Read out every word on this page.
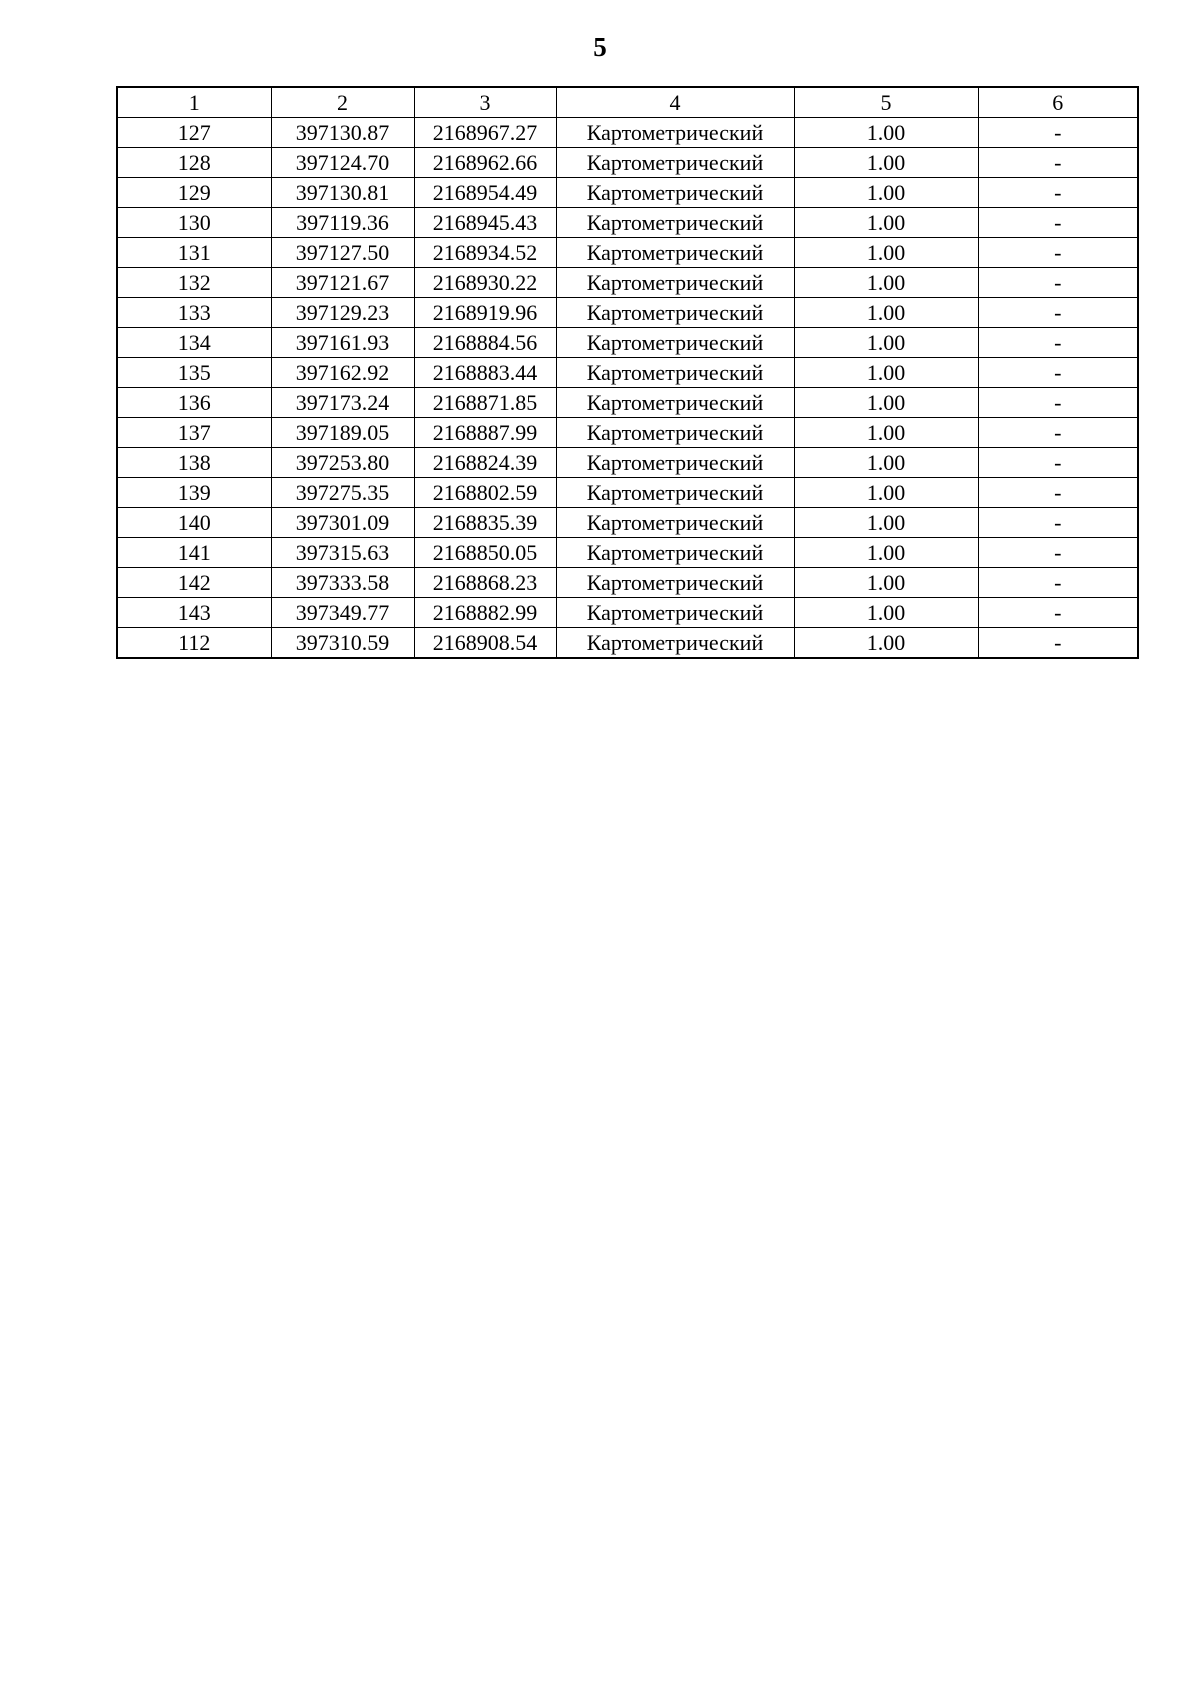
5
1	2	3	4	5	6
127	397130.87	2168967.27	Картометрический	1.00	-
128	397124.70	2168962.66	Картометрический	1.00	-
129	397130.81	2168954.49	Картометрический	1.00	-
130	397119.36	2168945.43	Картометрический	1.00	-
131	397127.50	2168934.52	Картометрический	1.00	-
132	397121.67	2168930.22	Картометрический	1.00	-
133	397129.23	2168919.96	Картометрический	1.00	-
134	397161.93	2168884.56	Картометрический	1.00	-
135	397162.92	2168883.44	Картометрический	1.00	-
136	397173.24	2168871.85	Картометрический	1.00	-
137	397189.05	2168887.99	Картометрический	1.00	-
138	397253.80	2168824.39	Картометрический	1.00	-
139	397275.35	2168802.59	Картометрический	1.00	-
140	397301.09	2168835.39	Картометрический	1.00	-
141	397315.63	2168850.05	Картометрический	1.00	-
142	397333.58	2168868.23	Картометрический	1.00	-
143	397349.77	2168882.99	Картометрический	1.00	-
112	397310.59	2168908.54	Картометрический	1.00	-
